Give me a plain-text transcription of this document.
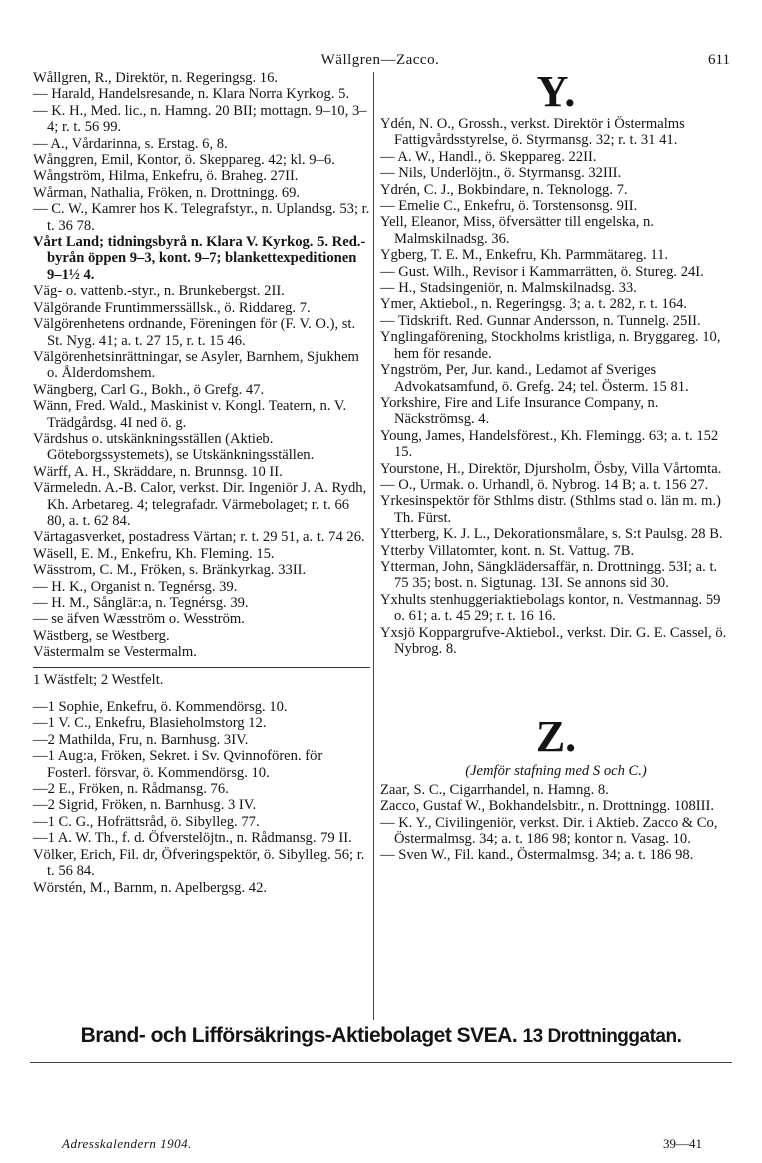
Wällgren—Zacco.	611
Wållgren, R., Direktör, n. Regeringsg. 16.
— Harald, Handelsresande, n. Klara Norra Kyrkog. 5.
— K. H., Med. lic., n. Hamng. 20 BII; mottagn. 9–10, 3–4; r. t. 56 99.
— A., Vårdarinna, s. Erstag. 6, 8.
Wånggren, Emil, Kontor, ö. Skeppareg. 42; kl. 9–6.
Wångström, Hilma, Enkefru, ö. Braheg. 27II.
Wårman, Nathalia, Fröken, n. Drottningg. 69.
— C. W., Kamrer hos K. Telegrafstyr., n. Uplandsg. 53; r. t. 36 78.
Vårt Land; tidningsbyrå n. Klara V. Kyrkog. 5. Red.-byrån öppen 9–3, kont. 9–7; blankettexpeditionen 9–1½ 4.
Väg- o. vattenb.-styr., n. Brunkebergst. 2II.
Välgörande Fruntimmerssällsk., ö. Riddareg. 7.
Välgörenhetens ordnande, Föreningen för (F. V. O.), st. St. Nyg. 41; a. t. 27 15, r. t. 15 46.
Välgörenhetsinrättningar, se Asyler, Barnhem, Sjukhem o. Ålderdomshem.
Wängberg, Carl G., Bokh., ö Grefg. 47.
Wänn, Fred. Wald., Maskinist v. Kongl. Teatern, n. V. Trädgårdsg. 4I ned ö. g.
Värdshus o. utskänkningsställen (Aktieb. Göteborgssystemets), se Utskänkningsställen.
Wärff, A. H., Skräddare, n. Brunnsg. 10 II.
Värmeledn. A.-B. Calor, verkst. Dir. Ingeniör J. A. Rydh, Kh. Arbetareg. 4; telegrafadr. Värmebolaget; r. t. 66 80, a. t. 62 84.
Värtagasverket, postadress Värtan; r. t. 29 51, a. t. 74 26.
Wäsell, E. M., Enkefru, Kh. Fleming. 15.
Wässtrom, C. M., Fröken, s. Bränkyrkag. 33II.
— H. K., Organist n. Tegnérsg. 39.
— H. M., Sånglär:a, n. Tegnérsg. 39.
— se äfven Wæsström o. Wesström.
Wästberg, se Westberg.
Västermalm se Vestermalm.
1 Wästfelt; 2 Westfelt.
—1 Sophie, Enkefru, ö. Kommendörsg. 10.
—1 V. C., Enkefru, Blasieholmstorg 12.
—2 Mathilda, Fru, n. Barnhusg. 3IV.
—1 Aug:a, Fröken, Sekret. i Sv. Qvinnofören. för Fosterl. försvar, ö. Kommendörsg. 10.
—2 E., Fröken, n. Rådmansg. 76.
—2 Sigrid, Fröken, n. Barnhusg. 3 IV.
—1 C. G., Hofrättsråd, ö. Sibylleg. 77.
—1 A. W. Th., f. d. Öfverstelöjtn., n. Rådmansg. 79 II.
Völker, Erich, Fil. dr, Öfveringspektör, ö. Sibylleg. 56; r. t. 56 84.
Wörstén, M., Barnm, n. Apelbergsg. 42.
Y.
Ydén, N. O., Grossh., verkst. Direktör i Östermalms Fattigvårdsstyrelse, ö. Styrmansg. 32; r. t. 31 41.
— A. W., Handl., ö. Skeppareg. 22II.
— Nils, Underlöjtn., ö. Styrmansg. 32III.
Ydrén, C. J., Bokbindare, n. Teknologg. 7.
— Emelie C., Enkefru, ö. Torstensonsg. 9II.
Yell, Eleanor, Miss, öfversätter till engelska, n. Malmskilnadsg. 36.
Ygberg, T. E. M., Enkefru, Kh. Parmmätareg. 11.
— Gust. Wilh., Revisor i Kammarrätten, ö. Stureg. 24I.
— H., Stadsingeniör, n. Malmskilnadsg. 33.
Ymer, Aktiebol., n. Regeringsg. 3; a. t. 282, r. t. 164.
— Tidskrift. Red. Gunnar Andersson, n. Tunnelg. 25II.
Ynglingaförening, Stockholms kristliga, n. Bryggareg. 10, hem för resande.
Yngström, Per, Jur. kand., Ledamot af Sveriges Advokatsamfund, ö. Grefg. 24; tel. Österm. 15 81.
Yorkshire, Fire and Life Insurance Company, n. Näckströmsg. 4.
Young, James, Handelsförest., Kh. Flemingg. 63; a. t. 152 15.
Yourstone, H., Direktör, Djursholm, Ösby, Villa Vårtomta.
— O., Urmak. o. Urhandl, ö. Nybrog. 14 B; a. t. 156 27.
Yrkesinspektör för Sthlms distr. (Sthlms stad o. län m. m.) Th. Fürst.
Ytterberg, K. J. L., Dekorationsmålare, s. S:t Paulsg. 28 B.
Ytterby Villatomter, kont. n. St. Vattug. 7B.
Ytterman, John, Sängklädersaffär, n. Drottningg. 53I; a. t. 75 35; bost. n. Sigtunag. 13I. Se annons sid 30.
Yxhults stenhuggeriaktiebolags kontor, n. Vestmannag. 59 o. 61; a. t. 45 29; r. t. 16 16.
Yxsjö Koppargrufve-Aktiebol., verkst. Dir. G. E. Cassel, ö. Nybrog. 8.
Z.
(Jemför stafning med S och C.)
Zaar, S. C., Cigarrhandel, n. Hamng. 8.
Zacco, Gustaf W., Bokhandelsbitr., n. Drottningg. 108III.
— K. Y., Civilingeniör, verkst. Dir. i Aktieb. Zacco & Co, Östermalmsg. 34; a. t. 186 98; kontor n. Vasag. 10.
— Sven W., Fil. kand., Östermalmsg. 34; a. t. 186 98.
Brand- och Lifförsäkrings-Aktiebolaget SVEA. 13 Drottninggatan.
Adresskalendern 1904.	39—41
